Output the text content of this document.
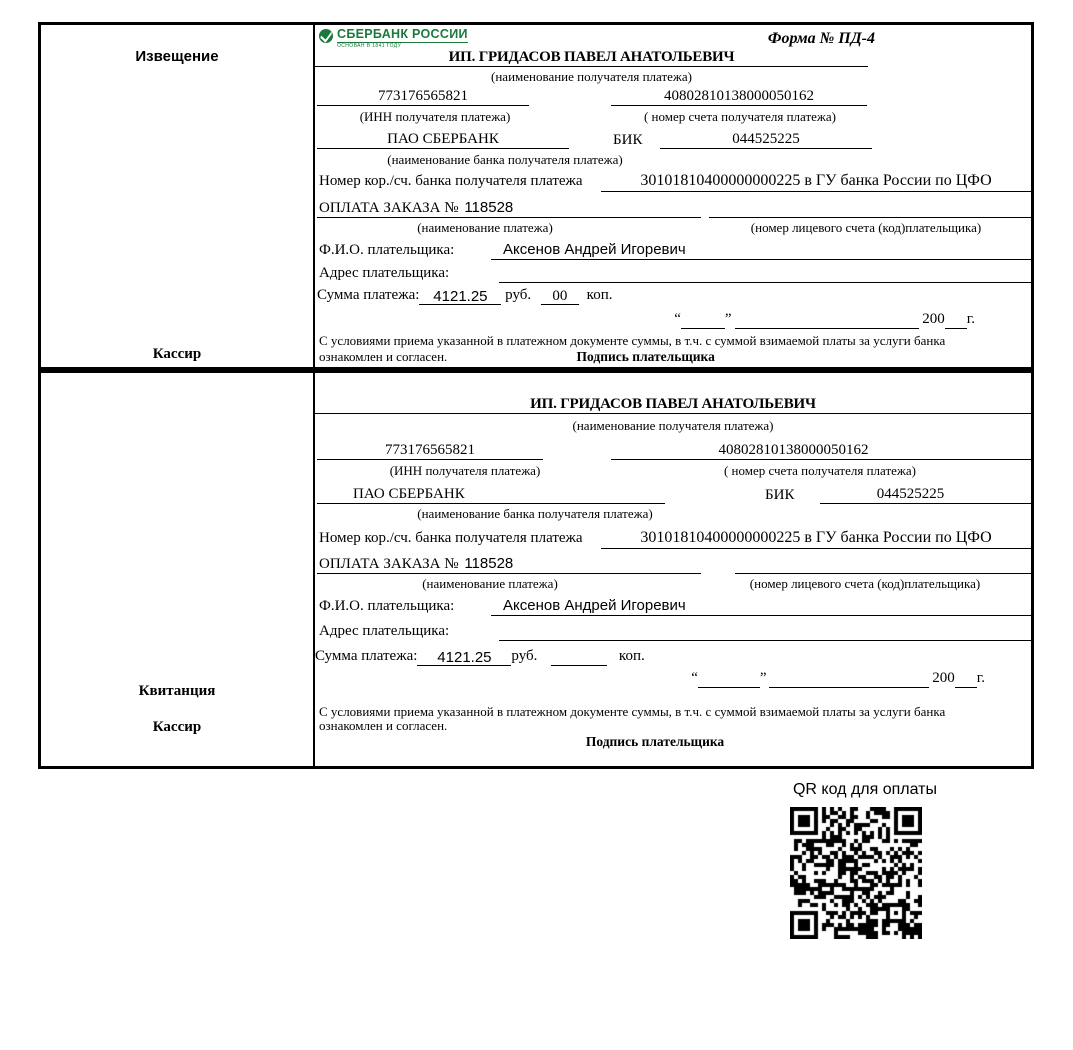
Извещение
Кассир
СБЕРБАНК РОССИИ
ОСНОВАН В 1841 ГОДУ	Форма № ПД-4
ИП. ГРИДАСОВ ПАВЕЛ АНАТОЛЬЕВИЧ
(наименование получателя платежа)
773176565821	40802810138000050162
(ИНН получателя платежа)	( номер счета получателя платежа)
ПАО СБЕРБАНК	БИК	044525225
(наименование банка получателя платежа)
Номер кор./сч. банка получателя платежа	30101810400000000225 в ГУ банка России по ЦФО
ОПЛАТА ЗАКАЗА № 118528
(наименование платежа)	(номер лицевого счета (код)плательщика)
Ф.И.О. плательщика:	Аксенов Андрей Игоревич
Адрес плательщика:
Сумма платежа: 4121.25 руб. 00 коп.
“	”	200 г.
С условиями приема указанной в платежном документе суммы, в т.ч. с суммой взимаемой платы за услуги банка
ознакомлен и согласен.	Подпись плательщика
Квитанция
Кассир
ИП. ГРИДАСОВ ПАВЕЛ АНАТОЛЬЕВИЧ
(наименование получателя платежа)
773176565821	40802810138000050162
(ИНН получателя платежа)	( номер счета получателя платежа)
ПАО СБЕРБАНК	БИК	044525225
(наименование банка получателя платежа)
Номер кор./сч. банка получателя платежа	30101810400000000225 в ГУ банка России по ЦФО
ОПЛАТА ЗАКАЗА № 118528
(наименование платежа)	(номер лицевого счета (код)плательщика)
Ф.И.О. плательщика:	Аксенов Андрей Игоревич
Адрес плательщика:
Сумма платежа: 4121.25 руб.	коп.
“	”	200 г.
С условиями приема указанной в платежном документе суммы, в т.ч. с суммой взимаемой платы за услуги банка
ознакомлен и согласен.
Подпись плательщика
QR код для оплаты
